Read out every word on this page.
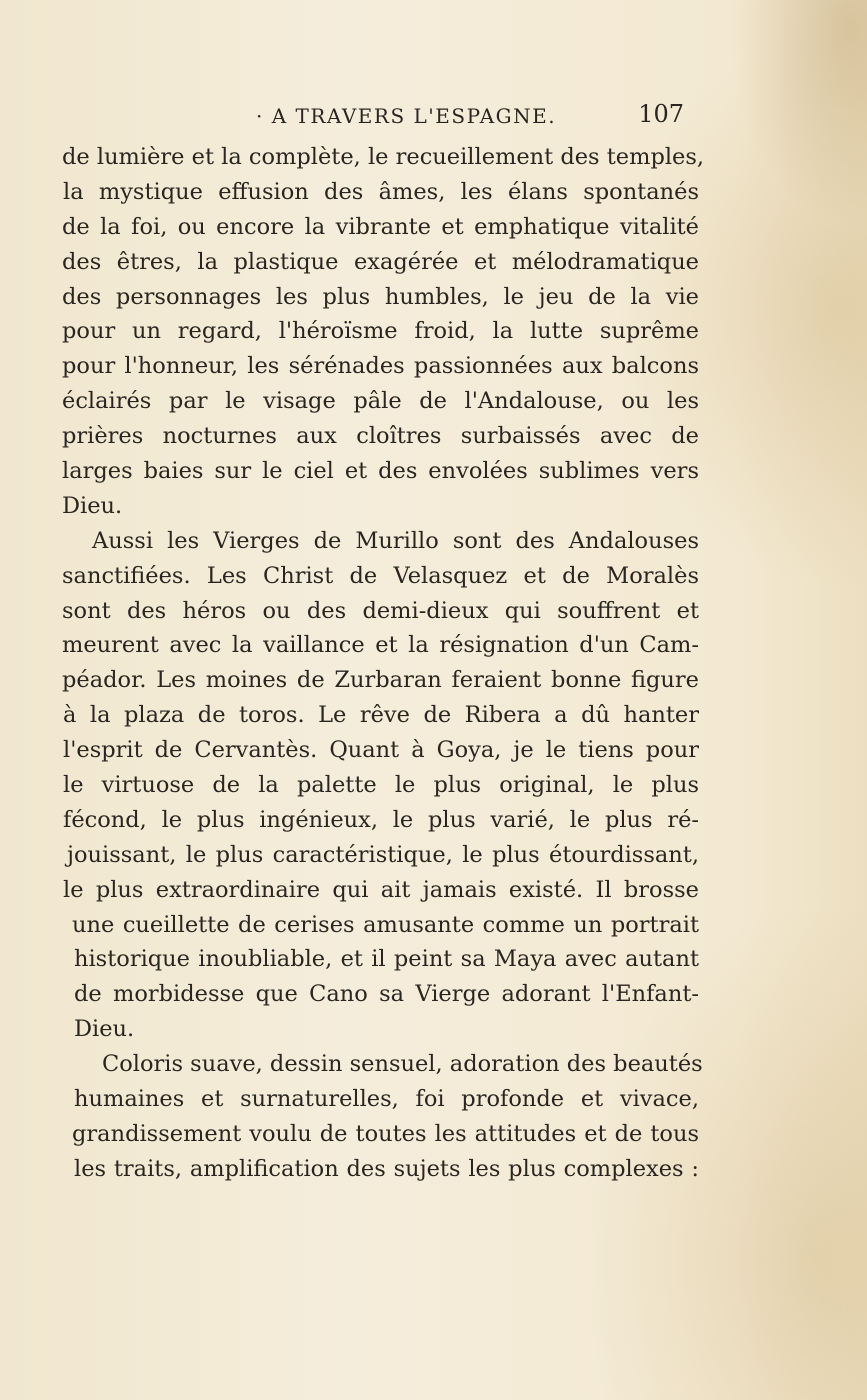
· A TRAVERS L'ESPAGNE.	107
de lumière et la complète, le recueillement des temples,
la mystique effusion des âmes, les élans spontanés
de la foi, ou encore la vibrante et emphatique vitalité
des êtres, la plastique exagérée et mélodramatique
des personnages les plus humbles, le jeu de la vie
pour un regard, l'héroïsme froid, la lutte suprême
pour l'honneur, les sérénades passionnées aux balcons
éclairés par le visage pâle de l'Andalouse, ou les
prières nocturnes aux cloîtres surbaissés avec de
larges baies sur le ciel et des envolées sublimes vers
Dieu.
Aussi les Vierges de Murillo sont des Andalouses
sanctifiées. Les Christ de Velasquez et de Moralès
sont des héros ou des demi-dieux qui souffrent et
meurent avec la vaillance et la résignation d'un Cam-
péador. Les moines de Zurbaran feraient bonne figure
à la plaza de toros. Le rêve de Ribera a dû hanter
l'esprit de Cervantès. Quant à Goya, je le tiens pour
le virtuose de la palette le plus original, le plus
fécond, le plus ingénieux, le plus varié, le plus ré-
jouissant, le plus caractéristique, le plus étourdissant,
le plus extraordinaire qui ait jamais existé. Il brosse
une cueillette de cerises amusante comme un portrait
historique inoubliable, et il peint sa Maya avec autant
de morbidesse que Cano sa Vierge adorant l'Enfant-
Dieu.
Coloris suave, dessin sensuel, adoration des beautés
humaines et surnaturelles, foi profonde et vivace,
grandissement voulu de toutes les attitudes et de tous
les traits, amplification des sujets les plus complexes :
